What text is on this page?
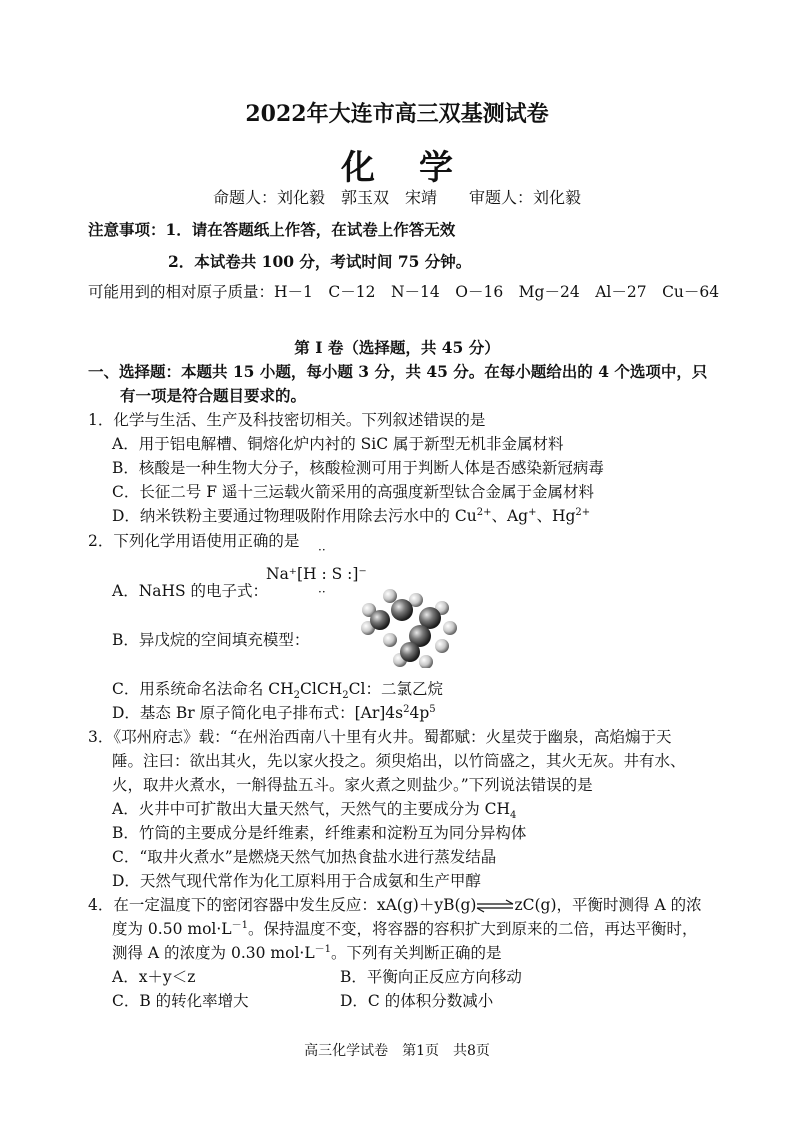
2022年大连市高三双基测试卷
化学
命题人：刘化毅　郭玉双　宋靖　　审题人：刘化毅
注意事项：1．请在答题纸上作答，在试卷上作答无效
2．本试卷共 100 分，考试时间 75 分钟。
可能用到的相对原子质量：H－1　C－12　N－14　O－16　Mg－24　Al－27　Cu－64
第 I 卷（选择题，共 45 分）
一、选择题：本题共 15 小题，每小题 3 分，共 45 分。在每小题给出的 4 个选项中，只
有一项是符合题目要求的。
1．化学与生活、生产及科技密切相关。下列叙述错误的是
A．用于铝电解槽、铜熔化炉内衬的 SiC 属于新型无机非金属材料
B．核酸是一种生物大分子，核酸检测可用于判断人体是否感染新冠病毒
C．长征二号 F 遥十三运载火箭采用的高强度新型钛合金属于金属材料
D．纳米铁粉主要通过物理吸附作用除去污水中的 $Cu^{2+}$、Ag+、$Hg^{2+}$
2．下列化学用语使用正确的是 ··
Na⁺[H : S :]⁻
··
A．NaHS 的电子式：
B．异戊烷的空间填充模型：
C．用系统命名法命名 $CH_2ClCH_2Cl$：二氯乙烷
D．基态 Br 原子简化电子排布式：$[Ar]4s^24p^5$
3．《邛州府志》载：“在州治西南八十里有火井。蜀都赋：火星荧于幽泉，高焰煽于天
陲。注曰：欲出其火，先以家火投之。须臾焰出，以竹筒盛之，其火无灰。井有水、
火，取井火煮水，一斛得盐五斗。家火煮之则盐少。”下列说法错误的是
A．火井中可扩散出大量天然气，天然气的主要成分为 $CH_4$
B．竹筒的主要成分是纤维素，纤维素和淀粉互为同分异构体
C．“取井火煮水”是燃烧天然气加热食盐水进行蒸发结晶
D．天然气现代常作为化工原料用于合成氨和生产甲醇
4．在一定温度下的密闭容器中发生反应：xA(g)＋yB(g)⇌zC(g)，平衡时测得 A 的浓
度为 0.50 $mol\cdot L^{-1}$。保持温度不变，将容器的容积扩大到原来的二倍，再达平衡时，
测得 A 的浓度为 0.30 $mol\cdot L^{-1}$。下列有关判断正确的是
A．x＋y＜z	B．平衡向正反应方向移动
C．B 的转化率增大	D．C 的体积分数减小
高三化学试卷　第1页　共8页
